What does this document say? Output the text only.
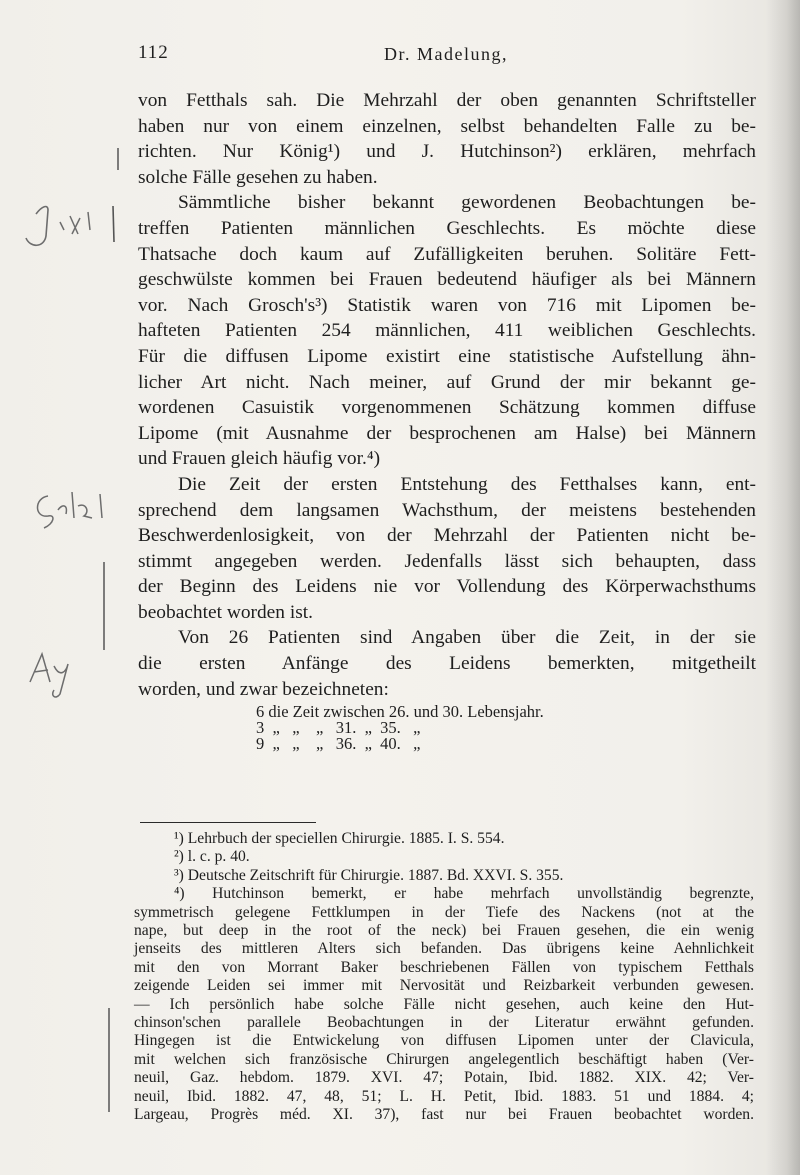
112	Dr. Madelung,
Jixl
Gdk
Ay
von Fetthals sah. Die Mehrzahl der oben genannten Schriftsteller
haben nur von einem einzelnen, selbst behandelten Falle zu be-
richten. Nur König¹) und J. Hutchinson²) erklären, mehrfach
solche Fälle gesehen zu haben.
Sämmtliche bisher bekannt gewordenen Beobachtungen be-
treffen Patienten männlichen Geschlechts. Es möchte diese
Thatsache doch kaum auf Zufälligkeiten beruhen. Solitäre Fett-
geschwülste kommen bei Frauen bedeutend häufiger als bei Männern
vor. Nach Grosch's³) Statistik waren von 716 mit Lipomen be-
hafteten Patienten 254 männlichen, 411 weiblichen Geschlechts.
Für die diffusen Lipome existirt eine statistische Aufstellung ähn-
licher Art nicht. Nach meiner, auf Grund der mir bekannt ge-
wordenen Casuistik vorgenommenen Schätzung kommen diffuse
Lipome (mit Ausnahme der besprochenen am Halse) bei Männern
und Frauen gleich häufig vor.⁴)
Die Zeit der ersten Entstehung des Fetthalses kann, ent-
sprechend dem langsamen Wachsthum, der meistens bestehenden
Beschwerdenlosigkeit, von der Mehrzahl der Patienten nicht be-
stimmt angegeben werden. Jedenfalls lässt sich behaupten, dass
der Beginn des Leidens nie vor Vollendung des Körperwachsthums
beobachtet worden ist.
Von 26 Patienten sind Angaben über die Zeit, in der sie
die ersten Anfänge des Leidens bemerkten, mitgetheilt
worden, und zwar bezeichneten:
6 die Zeit zwischen 26. und 30. Lebensjahr.
3  „   „    „   31.  „  35.   „
9  „   „    „   36.  „  40.   „
¹) Lehrbuch der speciellen Chirurgie. 1885. I. S. 554.
²) l. c. p. 40.
³) Deutsche Zeitschrift für Chirurgie. 1887. Bd. XXVI. S. 355.
⁴) Hutchinson bemerkt, er habe mehrfach unvollständig begrenzte,
symmetrisch gelegene Fettklumpen in der Tiefe des Nackens (not at the
nape, but deep in the root of the neck) bei Frauen gesehen, die ein wenig
jenseits des mittleren Alters sich befanden. Das übrigens keine Aehnlichkeit
mit den von Morrant Baker beschriebenen Fällen von typischem Fetthals
zeigende Leiden sei immer mit Nervosität und Reizbarkeit verbunden gewesen.
— Ich persönlich habe solche Fälle nicht gesehen, auch keine den Hut-
chinson'schen parallele Beobachtungen in der Literatur erwähnt gefunden.
Hingegen ist die Entwickelung von diffusen Lipomen unter der Clavicula,
mit welchen sich französische Chirurgen angelegentlich beschäftigt haben (Ver-
neuil, Gaz. hebdom. 1879. XVI. 47; Potain, Ibid. 1882. XIX. 42; Ver-
neuil, Ibid. 1882. 47, 48, 51; L. H. Petit, Ibid. 1883. 51 und 1884. 4;
Largeau, Progrès méd. XI. 37), fast nur bei Frauen beobachtet worden.
